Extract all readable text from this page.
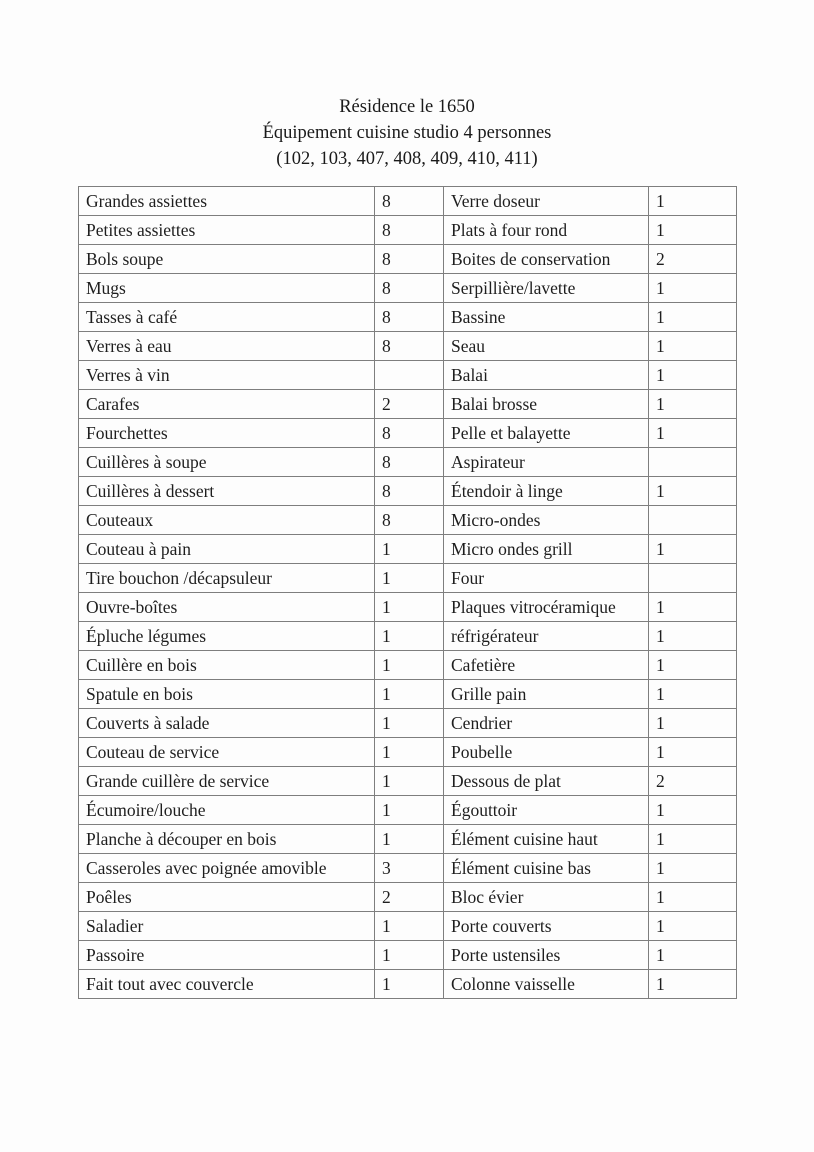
Résidence le 1650
Équipement cuisine studio 4 personnes
(102, 103, 407, 408, 409, 410, 411)
Grandes assiettes	8	Verre doseur	1
Petites assiettes	8	Plats à four rond	1
Bols soupe	8	Boites de conservation	2
Mugs	8	Serpillière/lavette	1
Tasses à café	8	Bassine	1
Verres à eau	8	Seau	1
Verres à vin		Balai	1
Carafes	2	Balai brosse	1
Fourchettes	8	Pelle et balayette	1
Cuillères à soupe	8	Aspirateur	
Cuillères à dessert	8	Étendoir à linge	1
Couteaux	8	Micro-ondes	
Couteau à pain	1	Micro ondes grill	1
Tire bouchon /décapsuleur	1	Four	
Ouvre-boîtes	1	Plaques vitrocéramique	1
Épluche légumes	1	réfrigérateur	1
Cuillère en bois	1	Cafetière	1
Spatule en bois	1	Grille pain	1
Couverts à salade	1	Cendrier	1
Couteau de service	1	Poubelle	1
Grande cuillère de service	1	Dessous de plat	2
Écumoire/louche	1	Égouttoir	1
Planche à découper en bois	1	Élément cuisine haut	1
Casseroles avec poignée amovible	3	Élément cuisine bas	1
Poêles	2	Bloc évier	1
Saladier	1	Porte couverts	1
Passoire	1	Porte ustensiles	1
Fait tout avec couvercle	1	Colonne vaisselle	1
